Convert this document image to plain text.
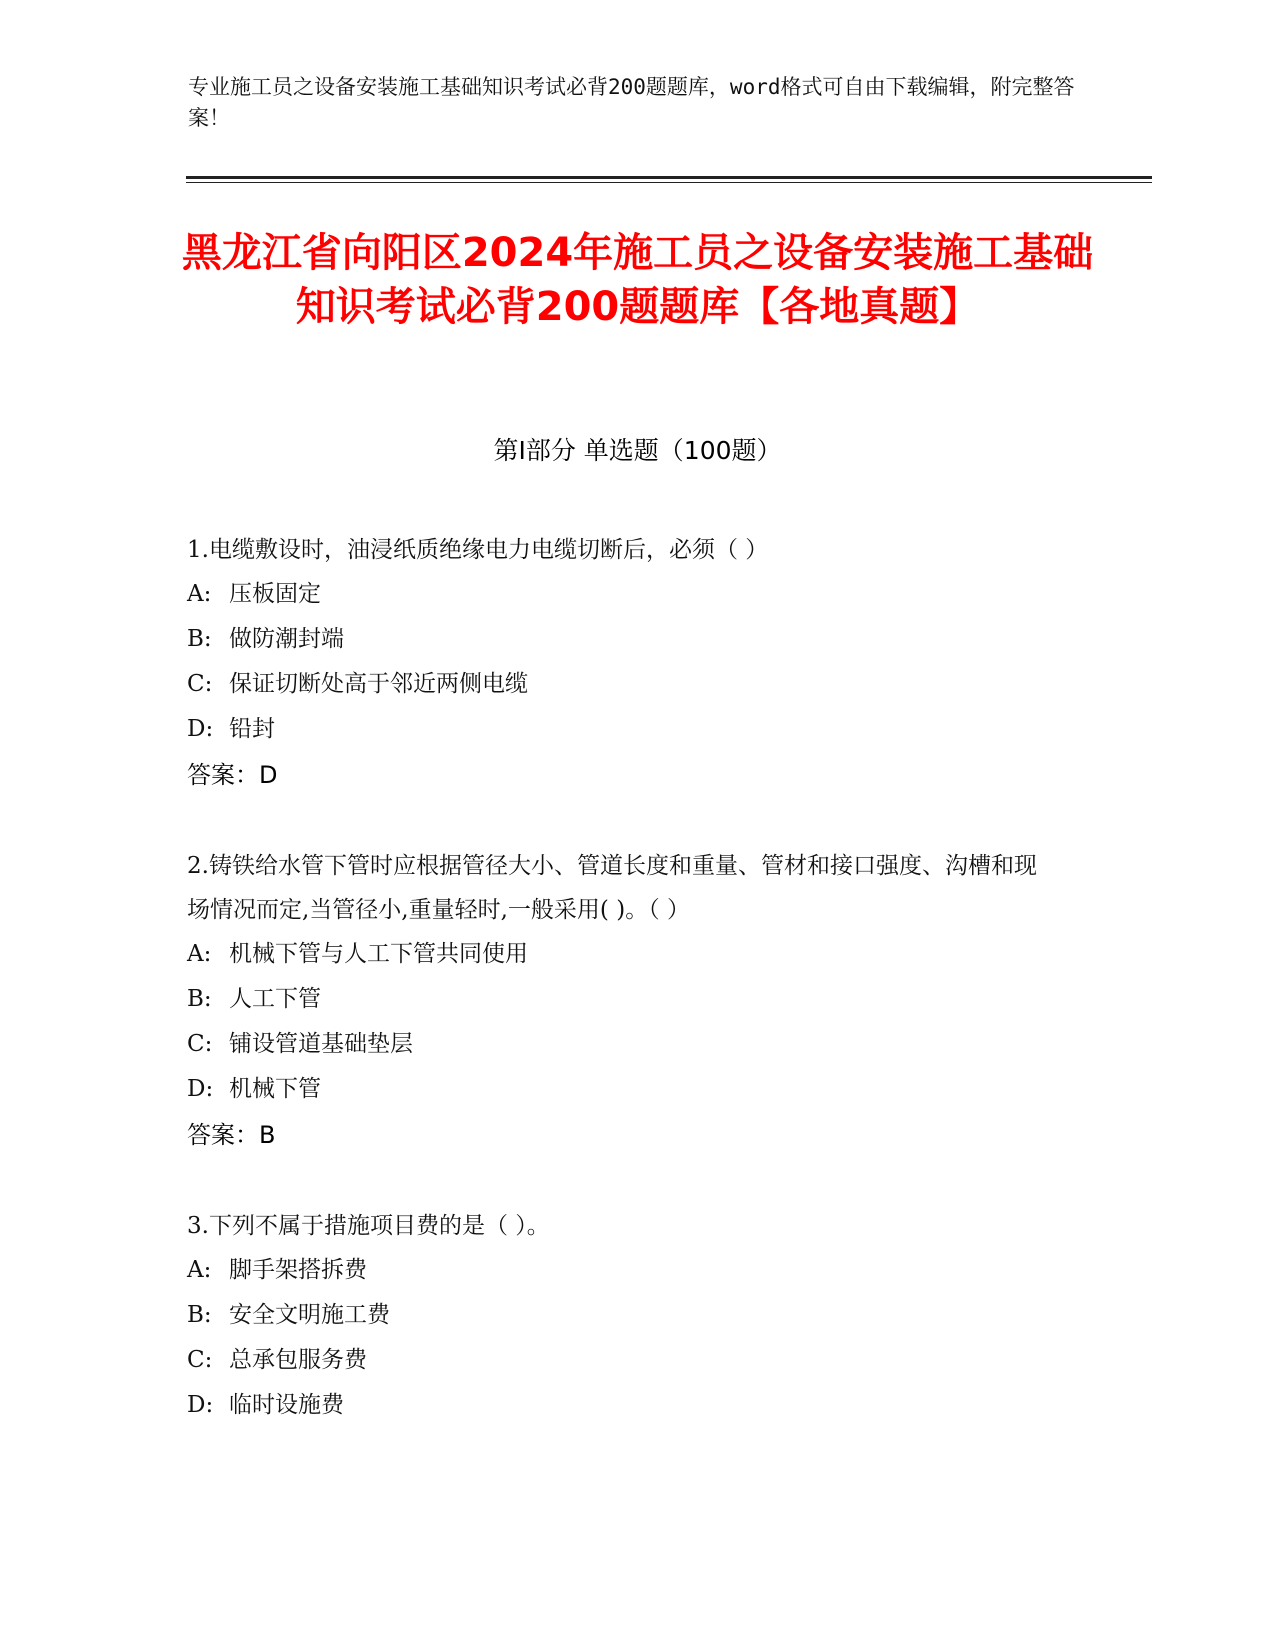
专业施工员之设备安装施工基础知识考试必背200题题库，word格式可自由下载编辑，附完整答案！
黑龙江省向阳区2024年施工员之设备安装施工基础知识考试必背200题题库【各地真题】
第Ⅰ部分 单选题（100题）
1.电缆敷设时，油浸纸质绝缘电力电缆切断后，必须（ ）
A: 压板固定
B: 做防潮封端
C: 保证切断处高于邻近两侧电缆
D: 铅封
答案：D
2.铸铁给水管下管时应根据管径大小、管道长度和重量、管材和接口强度、沟槽和现场情况而定,当管径小,重量轻时,一般采用( )。（ ）
A: 机械下管与人工下管共同使用
B: 人工下管
C: 铺设管道基础垫层
D: 机械下管
答案：B
3.下列不属于措施项目费的是（ ）。
A: 脚手架搭拆费
B: 安全文明施工费
C: 总承包服务费
D: 临时设施费
